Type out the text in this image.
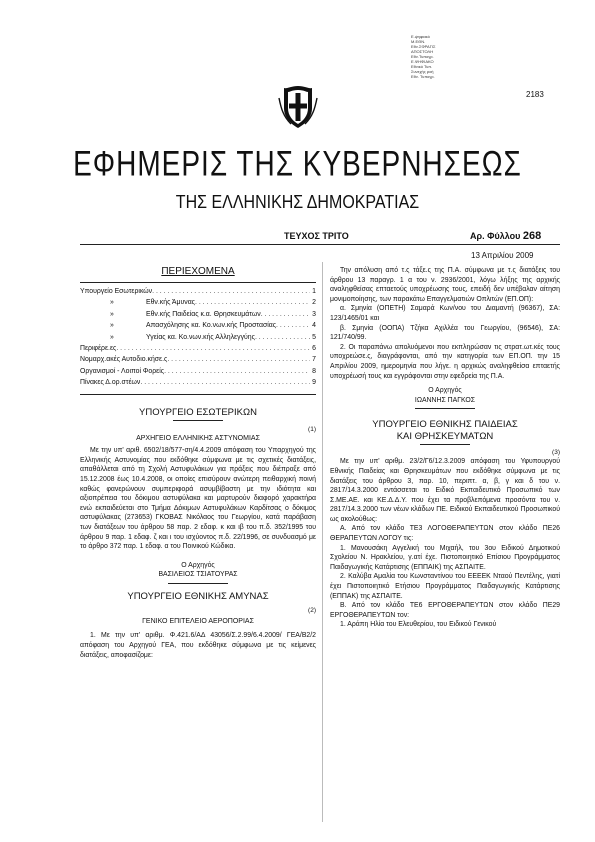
Ε.ψηφιακό
Μ.ΕΘΝ.
Εθν.ΣΦΡΑΓΙΣ
ΑΠΟΣΤΟΛΗ
Εθν.Τυπογρ.
Ε.ΨΗΦΙΑΚΟ
Εθνικό Τυπ.
Συνεχής ροή
Εθν. Τυπογρ.
2183
ΕΦΗΜΕΡΙΣ ΤΗΣ ΚΥΒΕΡΝΗΣΕΩΣ
ΤΗΣ ΕΛΛΗΝΙΚΗΣ ΔΗΜΟΚΡΑΤΙΑΣ
ΤΕΥΧΟΣ ΤΡΙΤΟ	Αρ. Φύλλου 268
13 Απριλίου 2009
ΠΕΡΙΕΧΟΜΕΝΑ
Υπουργείο Εσωτερικών . . .	1
»	Εθν.κής Άμυνας . . .	2
»	Εθν.κής Παιδείας κ.α. Θρησκευμάτων . . .	3
»	Απασχόλησης κα. Κο.νων.κής Προστασίας . . .	4
»	Υγείας κα. Κο.νων.κής Αλληλεγγύης . . .	5
Περιφέρε.ες . . .	6
Νομαρχ.ακές Αυτοδιο.κήσε.ς . . .	7
Οργανισμοί - Λοιποί Φορείς . . .	8
Πίνακες Δ.ορ.στέων . . .	9
ΥΠΟΥΡΓΕΙΟ ΕΣΩΤΕΡΙΚΩΝ
(1)
ΑΡΧΗΓΕΙΟ ΕΛΛΗΝΙΚΗΣ ΑΣΤΥΝΟΜΙΑΣ

Με την υπ' αριθ. 6502/18/577-ση/4.4.2009 απόφαση του Υπαρχηγού της Ελληνικής Αστυνομίας που εκδόθηκε σύμφωνα με τις σχετικές διατάξεις, απαθάλλεται από τη Σχολή Αστυφυλάκων για πράξεις που διέπραξε από 15.12.2008 έως 10.4.2008, οι οποίες επισύρουν ανώτερη πειθαρχική ποινή καθώς φανερώνουν συμπεριφορά ασυμβίβαστη με την ιδιότητα και αξιοπρέπεια του δόκιμου αστυφύλακα και μαρτυρούν διαφορό χαρακτήρα ενώ εκπαιδεύεται στο Τμήμα Δόκιμων Αστυφυλάκων Καρδίτσας ο δόκιμος αστυφύλακας (273653) ΓΚΟΒΑΣ Νικόλαος του Γεωργίου, κατά παράβαση των διατάξεων του άρθρου 58 παρ. 2 εδαφ. κ και ιβ του π.δ. 352/1995 του άρθρου 9 παρ. 1 εδαφ. ζ και ι του ισχύοντος π.δ. 22/1996, σε συνδυασμό με το άρθρο 372 παρ. 1 εδαφ. α του Ποινικού Κώδικα.

Ο Αρχηγός
ΒΑΣΙΛΕΙΟΣ ΤΣΙΑΤΟΥΡΑΣ
ΥΠΟΥΡΓΕΙΟ ΕΘΝΙΚΗΣ ΑΜΥΝΑΣ
(2)
ΓΕΝΙΚΟ ΕΠΙΤΕΛΕΙΟ ΑΕΡΟΠΟΡΙΑΣ

1. Με την υπ' αριθμ. Φ.421.6/ΑΔ 43056/Σ.2.99/6.4.2009/ ΓΕΑ/Β2/2 απόφαση του Αρχηγού ΓΕΑ, που εκδόθηκε σύμφωνα με τις κείμενες διατάξεις, αποφασίζομε:

Την απόλυση από τ.ς τάξε.ς της Π.Α. σύμφωνα με τ.ς διατάξεις του άρθρου 13 παραγρ. 1 α του ν. 2936/2001, λόγω λήξης της αρχικής αναληφθείσας επταετούς υποχρέωσης τους, επειδή δεν υπέβαλαν αίτηση μονιμοποίησης, των παρακάτω Επαγγελματιών Οπλιτών (ΕΠ.ΟΠ):

α. Σμηνία (ΟΠΕΤΗ) Σαμαρά Κων/νου του Διαμαντή (96367), ΣΑ: 123/1465/01 και

β. Σμηνία (ΟΟΠΑ) Τζήκα Αχιλλέα του Γεωργίου, (96546), ΣΑ: 121/740/99.

2. Οι παραπάνω απολυόμενοι που εκπληρώσαν τις στρατ.ωτ.κές τους υποχρεώσε.ς, διαγράφονται, από την κατηγορία των ΕΠ.ΟΠ. την 15 Απριλίου 2009, ημερομηνία που λήγε. η αρχικώς αναληφθείσα επταετής υποχρέωσή τους και εγγράφονται στην εφεδρεία της Π.Α.

Ο Αρχηγός
ΙΩΑΝΝΗΣ ΠΑΓΚΟΣ
ΥΠΟΥΡΓΕΙΟ ΕΘΝΙΚΗΣ ΠΑΙΔΕΙΑΣ
ΚΑΙ ΘΡΗΣΚΕΥΜΑΤΩΝ
(3)

Με την υπ' αριθμ. 23/2/Γ6/12.3.2009 απόφαση του Υφυπουργού Εθνικής Παιδείας και Θρησκευμάτων που εκδόθηκε σύμφωνα με τις διατάξεις του άρθρου 3, παρ. 10, περιπτ. α, β, γ και δ του ν. 2817/14.3.2000 εντάσσεται το Ειδικό Εκπαιδευτικό Προσωπικό των Σ.ΜΕ.ΑΕ. και ΚΕ.Δ.Δ.Υ. που έχει τα προβλεπόμενα προσόντα του ν. 2817/14.3.2000 των νέων κλάδων ΠΕ. Ειδικού Εκπαιδευτικού Προσωπικού ως ακολούθως:

Α. Από τον κλάδο ΤΕ3 ΛΟΓΟΘΕΡΑΠΕΥΤΩΝ στον κλάδο ΠΕ26 ΘΕΡΑΠΕΥΤΩΝ ΛΟΓΟΥ τις:

1. Μανουσάκη Αγγελική του Μιχαήλ, του 3ου Ειδικού Δημοτικού Σχολείου Ν. Ηρακλείου, γ.ατί έχε. Πιστοποιητικό Επίσιου Προγράμματος Παιδαγωγικής Κατάρτισης (ΕΠΠΑΙΚ) της ΑΣΠΑΙΤΕ.

2. Καλύβα Αμαλία του Κωνσταντίνου του ΕΕΕΕΚ Νταού Πεντέλης, γιατί έχει Πιστοποιητικό Ετήσιου Προγράμματος Παιδαγωγικής Κατάρτισης (ΕΠΠΑΚ) της ΑΣΠΑΙΤΕ.

Β. Από τον κλάδο ΤΕ6 ΕΡΓΟΘΕΡΑΠΕΥΤΩΝ στον κλάδο ΠΕ29 ΕΡΓΟΘΕΡΑΠΕΥΤΩΝ τον:

1. Αράπη Ηλία του Ελευθερίου, του Ειδικού Γενικού
